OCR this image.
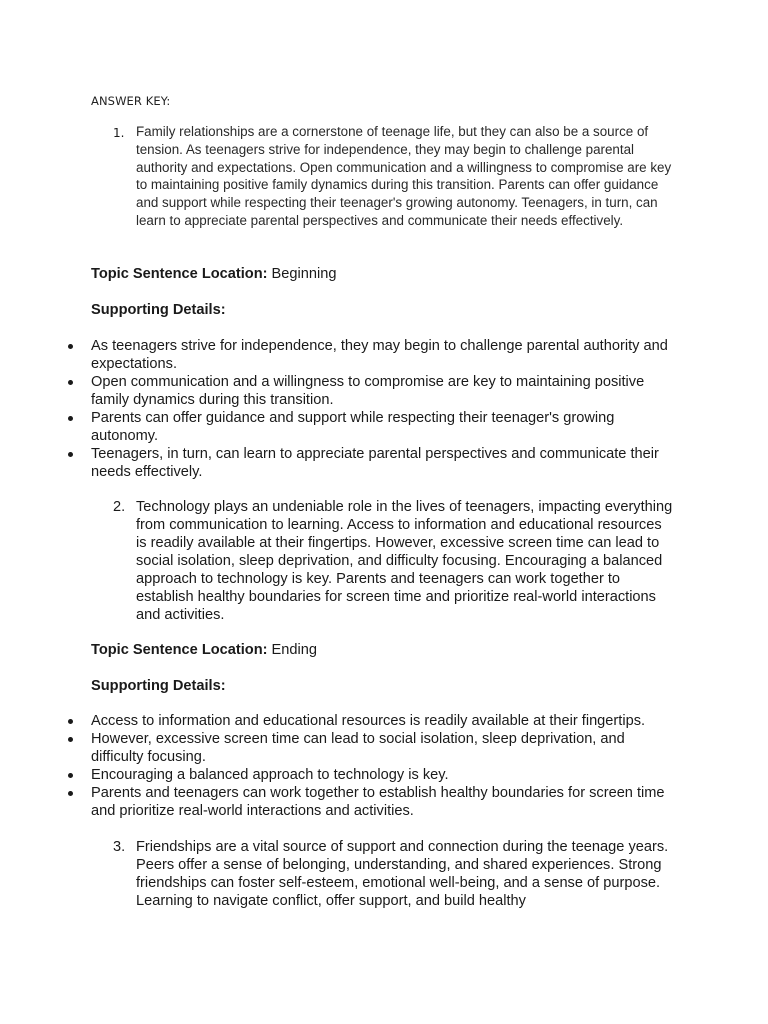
ANSWER KEY:
1. Family relationships are a cornerstone of teenage life, but they can also be a source of tension. As teenagers strive for independence, they may begin to challenge parental authority and expectations. Open communication and a willingness to compromise are key to maintaining positive family dynamics during this transition. Parents can offer guidance and support while respecting their teenager's growing autonomy. Teenagers, in turn, can learn to appreciate parental perspectives and communicate their needs effectively.
Topic Sentence Location: Beginning
Supporting Details:
As teenagers strive for independence, they may begin to challenge parental authority and expectations.
Open communication and a willingness to compromise are key to maintaining positive family dynamics during this transition.
Parents can offer guidance and support while respecting their teenager's growing autonomy.
Teenagers, in turn, can learn to appreciate parental perspectives and communicate their needs effectively.
2. Technology plays an undeniable role in the lives of teenagers, impacting everything from communication to learning. Access to information and educational resources is readily available at their fingertips. However, excessive screen time can lead to social isolation, sleep deprivation, and difficulty focusing. Encouraging a balanced approach to technology is key. Parents and teenagers can work together to establish healthy boundaries for screen time and prioritize real-world interactions and activities.
Topic Sentence Location: Ending
Supporting Details:
Access to information and educational resources is readily available at their fingertips.
However, excessive screen time can lead to social isolation, sleep deprivation, and difficulty focusing.
Encouraging a balanced approach to technology is key.
Parents and teenagers can work together to establish healthy boundaries for screen time and prioritize real-world interactions and activities.
3. Friendships are a vital source of support and connection during the teenage years. Peers offer a sense of belonging, understanding, and shared experiences. Strong friendships can foster self-esteem, emotional well-being, and a sense of purpose. Learning to navigate conflict, offer support, and build healthy
